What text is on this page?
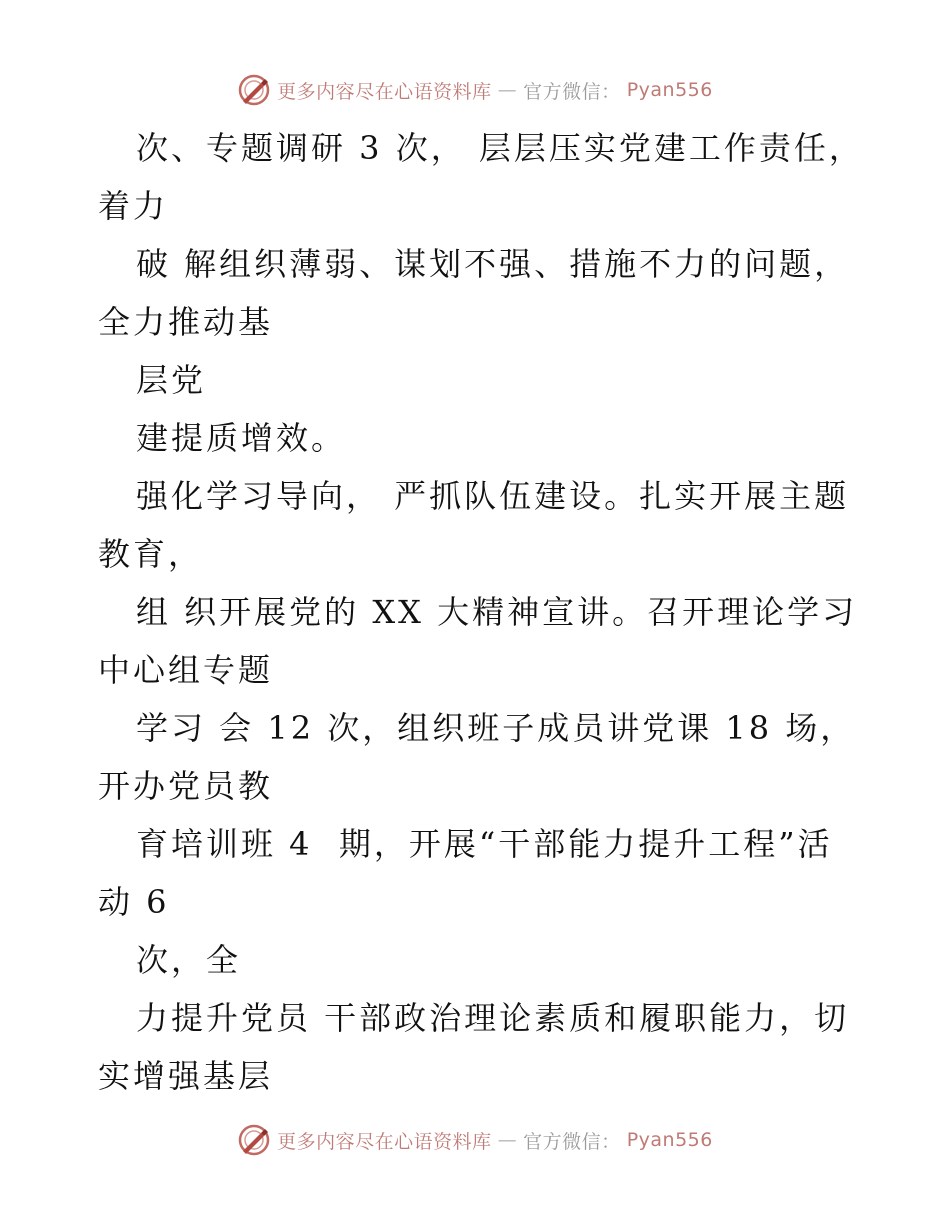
更多内容尽在心语资料库 — 官方微信： Pyan556
次、专题调研 3 次， 层层压实党建工作责任，
着力
破 解组织薄弱、谋划不强、措施不力的问题，
全力推动基
层党
建提质增效。
强化学习导向， 严抓队伍建设。扎实开展主题
教育，
组 织开展党的 XX 大精神宣讲。召开理论学习
中心组专题
学习 会 12 次，组织班子成员讲党课 18 场，
开办党员教
育培训班 4  期，开展“干部能力提升工程”活
动 6
次，全
力提升党员 干部政治理论素质和履职能力，切
实增强基层
更多内容尽在心语资料库 — 官方微信： Pyan556
